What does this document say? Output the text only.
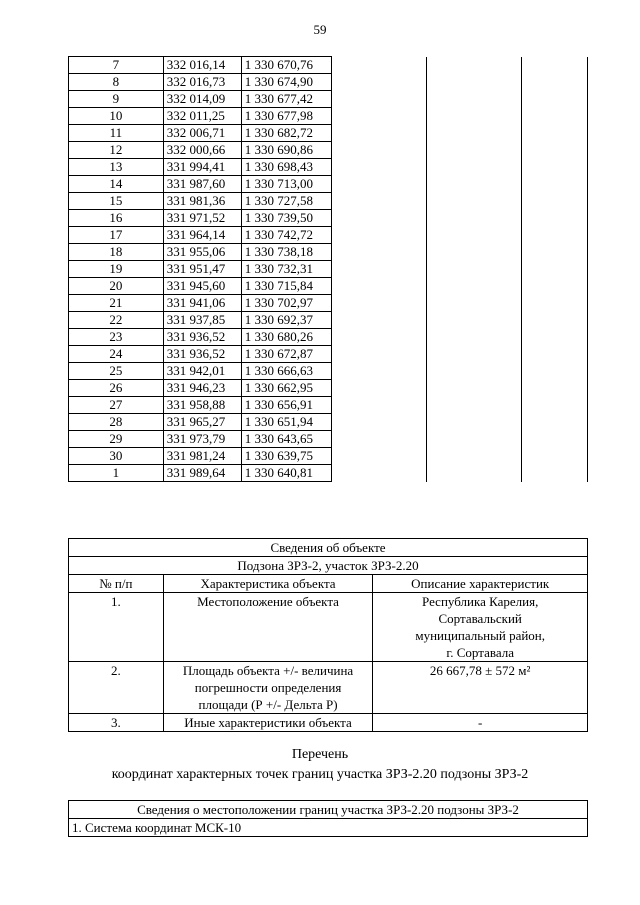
59
7	332 016,14	1 330 670,76			
8	332 016,73	1 330 674,90			
9	332 014,09	1 330 677,42			
10	332 011,25	1 330 677,98			
11	332 006,71	1 330 682,72			
12	332 000,66	1 330 690,86			
13	331 994,41	1 330 698,43			
14	331 987,60	1 330 713,00			
15	331 981,36	1 330 727,58			
16	331 971,52	1 330 739,50			
17	331 964,14	1 330 742,72			
18	331 955,06	1 330 738,18			
19	331 951,47	1 330 732,31			
20	331 945,60	1 330 715,84			
21	331 941,06	1 330 702,97			
22	331 937,85	1 330 692,37			
23	331 936,52	1 330 680,26			
24	331 936,52	1 330 672,87			
25	331 942,01	1 330 666,63			
26	331 946,23	1 330 662,95			
27	331 958,88	1 330 656,91			
28	331 965,27	1 330 651,94			
29	331 973,79	1 330 643,65			
30	331 981,24	1 330 639,75			
1	331 989,64	1 330 640,81			
Сведения об объекте		
Подзона ЗРЗ-2, участок ЗРЗ-2.20		
№ п/п	Характеристика объекта	Описание характеристик
1.	Местоположение объекта	Республика Карелия,
Сортавальский
муниципальный район,
г. Сортавала

2.	Площадь объекта +/- величина
погрешности определения
площади (Р +/- Дельта Р)	26 667,78 ± 572 м²
3.	Иные характеристики объекта	-
Перечень
координат характерных точек границ участка ЗРЗ-2.20 подзоны ЗРЗ-2
Сведения о местоположении границ участка ЗРЗ-2.20 подзоны ЗРЗ-2
1. Система координат МСК-10
